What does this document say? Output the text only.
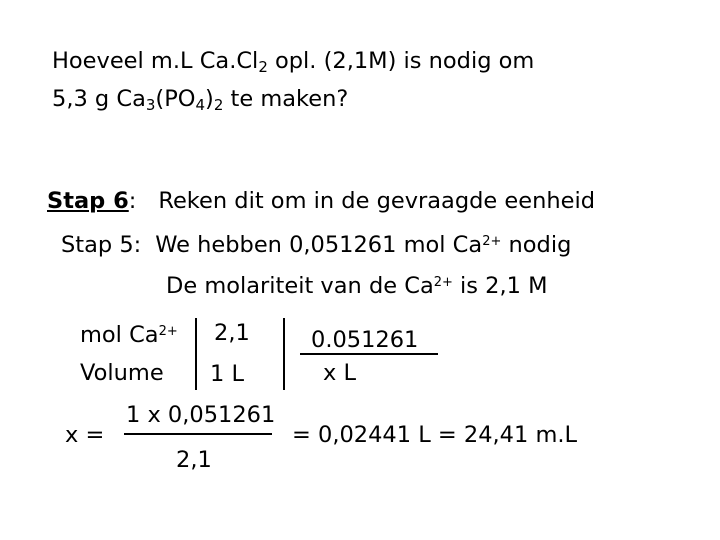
Hoeveel m.L $Ca.Cl_2$ opl. (2,1M) is nodig om
5,3 g $Ca_3(PO_4)_2$ te maken?
Stap 6: Reken dit om in de gevraagde eenheid
Stap 5: We hebben 0,051261 mol $Ca^{2+}$ nodig
De molariteit van de $Ca^{2+}$ is 2,1 M
mol $Ca^{2+}$
Volume
2,1
1 L
0.051261
x L
x =
1 x 0,051261
2,1
= 0,02441 L = 24,41 m.L
